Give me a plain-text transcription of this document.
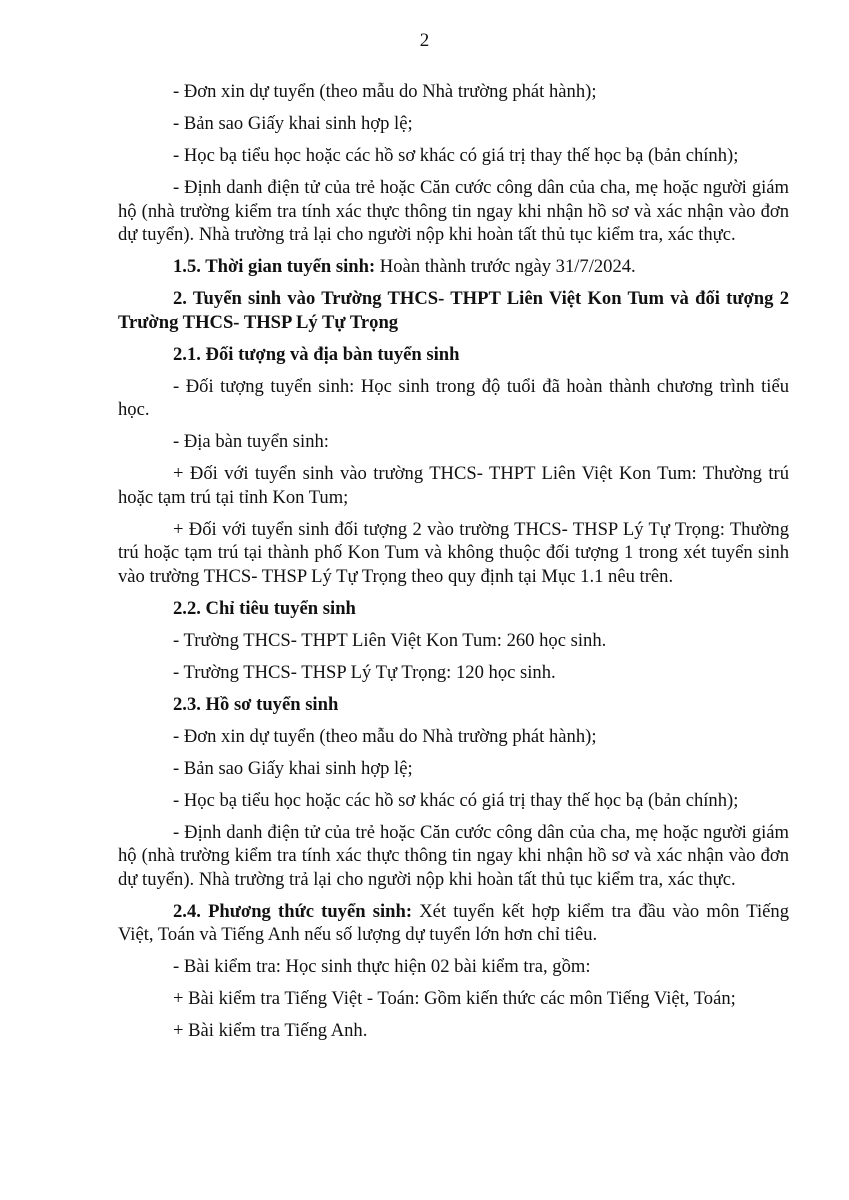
2

- Đơn xin dự tuyển (theo mẫu do Nhà trường phát hành);

- Bản sao Giấy khai sinh hợp lệ;

- Học bạ tiểu học hoặc các hồ sơ khác có giá trị thay thế học bạ (bản chính);

- Định danh điện tử của trẻ hoặc Căn cước công dân của cha, mẹ hoặc người giám hộ (nhà trường kiểm tra tính xác thực thông tin ngay khi nhận hồ sơ và xác nhận vào đơn dự tuyển). Nhà trường trả lại cho người nộp khi hoàn tất thủ tục kiểm tra, xác thực.

1.5. Thời gian tuyển sinh: Hoàn thành trước ngày 31/7/2024.

2. Tuyển sinh vào Trường THCS- THPT Liên Việt Kon Tum và đối tượng 2 Trường THCS- THSP Lý Tự Trọng

2.1. Đối tượng và địa bàn tuyển sinh

- Đối tượng tuyển sinh: Học sinh trong độ tuổi đã hoàn thành chương trình tiểu học.

- Địa bàn tuyển sinh:

+ Đối với tuyển sinh vào trường THCS- THPT Liên Việt Kon Tum: Thường trú hoặc tạm trú tại tỉnh Kon Tum;

+ Đối với tuyển sinh đối tượng 2 vào trường THCS- THSP Lý Tự Trọng: Thường trú hoặc tạm trú tại thành phố Kon Tum và không thuộc đối tượng 1 trong xét tuyển sinh vào trường THCS- THSP Lý Tự Trọng theo quy định tại Mục 1.1 nêu trên.

2.2. Chỉ tiêu tuyển sinh

- Trường THCS- THPT Liên Việt Kon Tum: 260 học sinh.

- Trường THCS- THSP Lý Tự Trọng: 120 học sinh.

2.3. Hồ sơ tuyển sinh

- Đơn xin dự tuyển (theo mẫu do Nhà trường phát hành);

- Bản sao Giấy khai sinh hợp lệ;

- Học bạ tiểu học hoặc các hồ sơ khác có giá trị thay thế học bạ (bản chính);

- Định danh điện tử của trẻ hoặc Căn cước công dân của cha, mẹ hoặc người giám hộ (nhà trường kiểm tra tính xác thực thông tin ngay khi nhận hồ sơ và xác nhận vào đơn dự tuyển). Nhà trường trả lại cho người nộp khi hoàn tất thủ tục kiểm tra, xác thực.

2.4. Phương thức tuyển sinh: Xét tuyển kết hợp kiểm tra đầu vào môn Tiếng Việt, Toán và Tiếng Anh nếu số lượng dự tuyển lớn hơn chỉ tiêu.

- Bài kiểm tra: Học sinh thực hiện 02 bài kiểm tra, gồm:

+ Bài kiểm tra Tiếng Việt - Toán: Gồm kiến thức các môn Tiếng Việt, Toán;

+ Bài kiểm tra Tiếng Anh.
